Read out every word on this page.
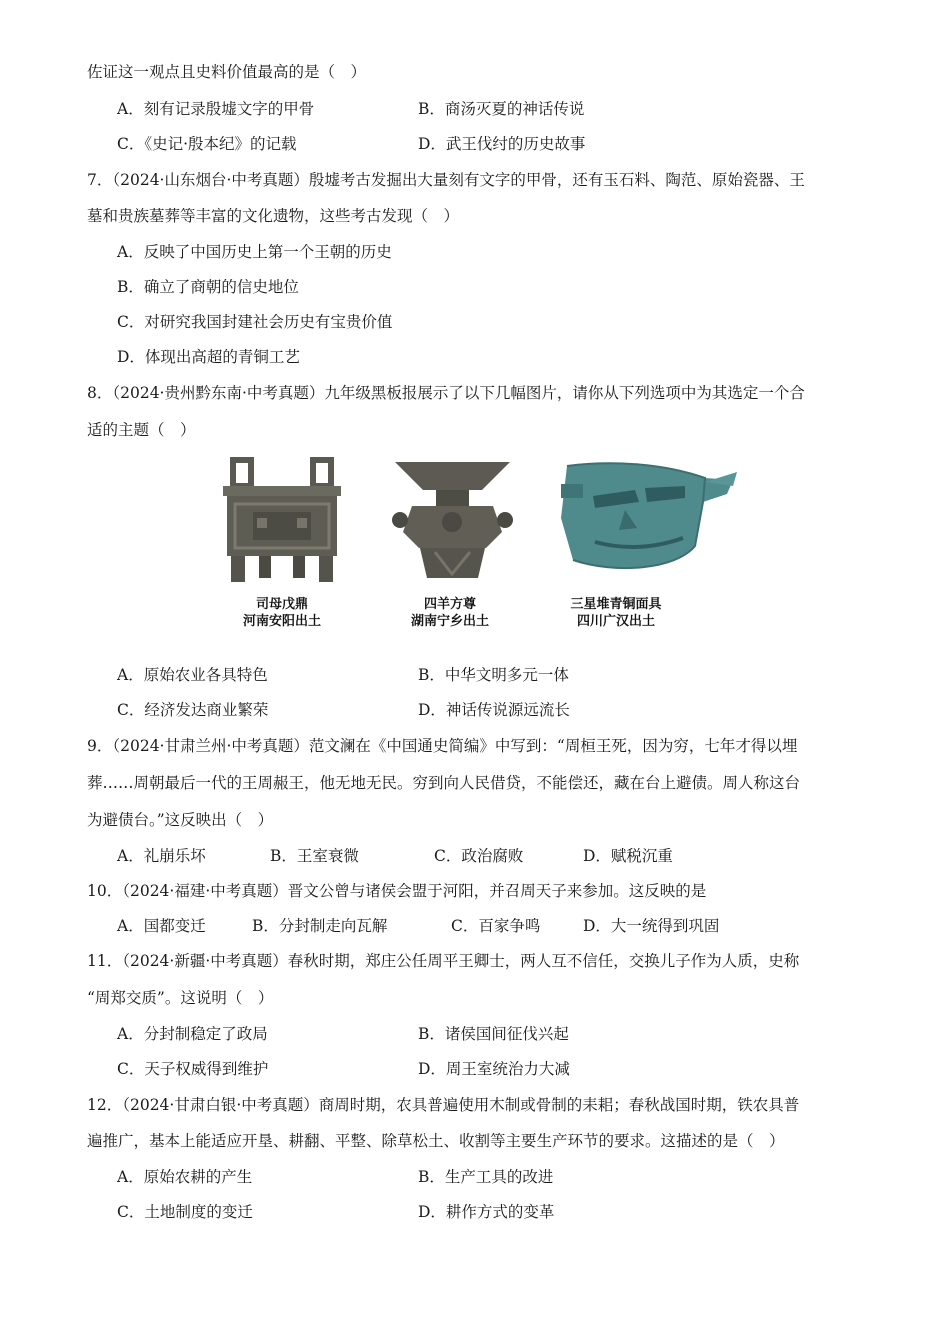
佐证这一观点且史料价值最高的是（　）
A．刻有记录殷墟文字的甲骨	B．商汤灭夏的神话传说
C．《史记·殷本纪》的记载	D．武王伐纣的历史故事
7．（2024·山东烟台·中考真题）殷墟考古发掘出大量刻有文字的甲骨，还有玉石料、陶范、原始瓷器、王
墓和贵族墓葬等丰富的文化遗物，这些考古发现（　）
A．反映了中国历史上第一个王朝的历史
B．确立了商朝的信史地位
C．对研究我国封建社会历史有宝贵价值
D．体现出高超的青铜工艺
8．（2024·贵州黔东南·中考真题）九年级黑板报展示了以下几幅图片，请你从下列选项中为其选定一个合
适的主题（　）
司母戊鼎
河南安阳出土
四羊方尊
湖南宁乡出土
三星堆青铜面具
四川广汉出土
A．原始农业各具特色	B．中华文明多元一体
C．经济发达商业繁荣	D．神话传说源远流长
9．（2024·甘肃兰州·中考真题）范文澜在《中国通史简编》中写到：“周桓王死，因为穷，七年才得以埋
葬……周朝最后一代的王周赧王，他无地无民。穷到向人民借贷，不能偿还，藏在台上避债。周人称这台
为避债台。”这反映出（　）
A．礼崩乐坏	B．王室衰微	C．政治腐败	D．赋税沉重
10．（2024·福建·中考真题）晋文公曾与诸侯会盟于河阳，并召周天子来参加。这反映的是
A．国都变迁	B．分封制走向瓦解	C．百家争鸣	D．大一统得到巩固
11．（2024·新疆·中考真题）春秋时期，郑庄公任周平王卿士，两人互不信任，交换儿子作为人质，史称
“周郑交质”。这说明（　）
A．分封制稳定了政局	B．诸侯国间征伐兴起
C．天子权威得到维护	D．周王室统治力大减
12．（2024·甘肃白银·中考真题）商周时期，农具普遍使用木制或骨制的耒耜；春秋战国时期，铁农具普
遍推广，基本上能适应开垦、耕翻、平整、除草松土、收割等主要生产环节的要求。这描述的是（　）
A．原始农耕的产生	B．生产工具的改进
C．土地制度的变迁	D．耕作方式的变革
